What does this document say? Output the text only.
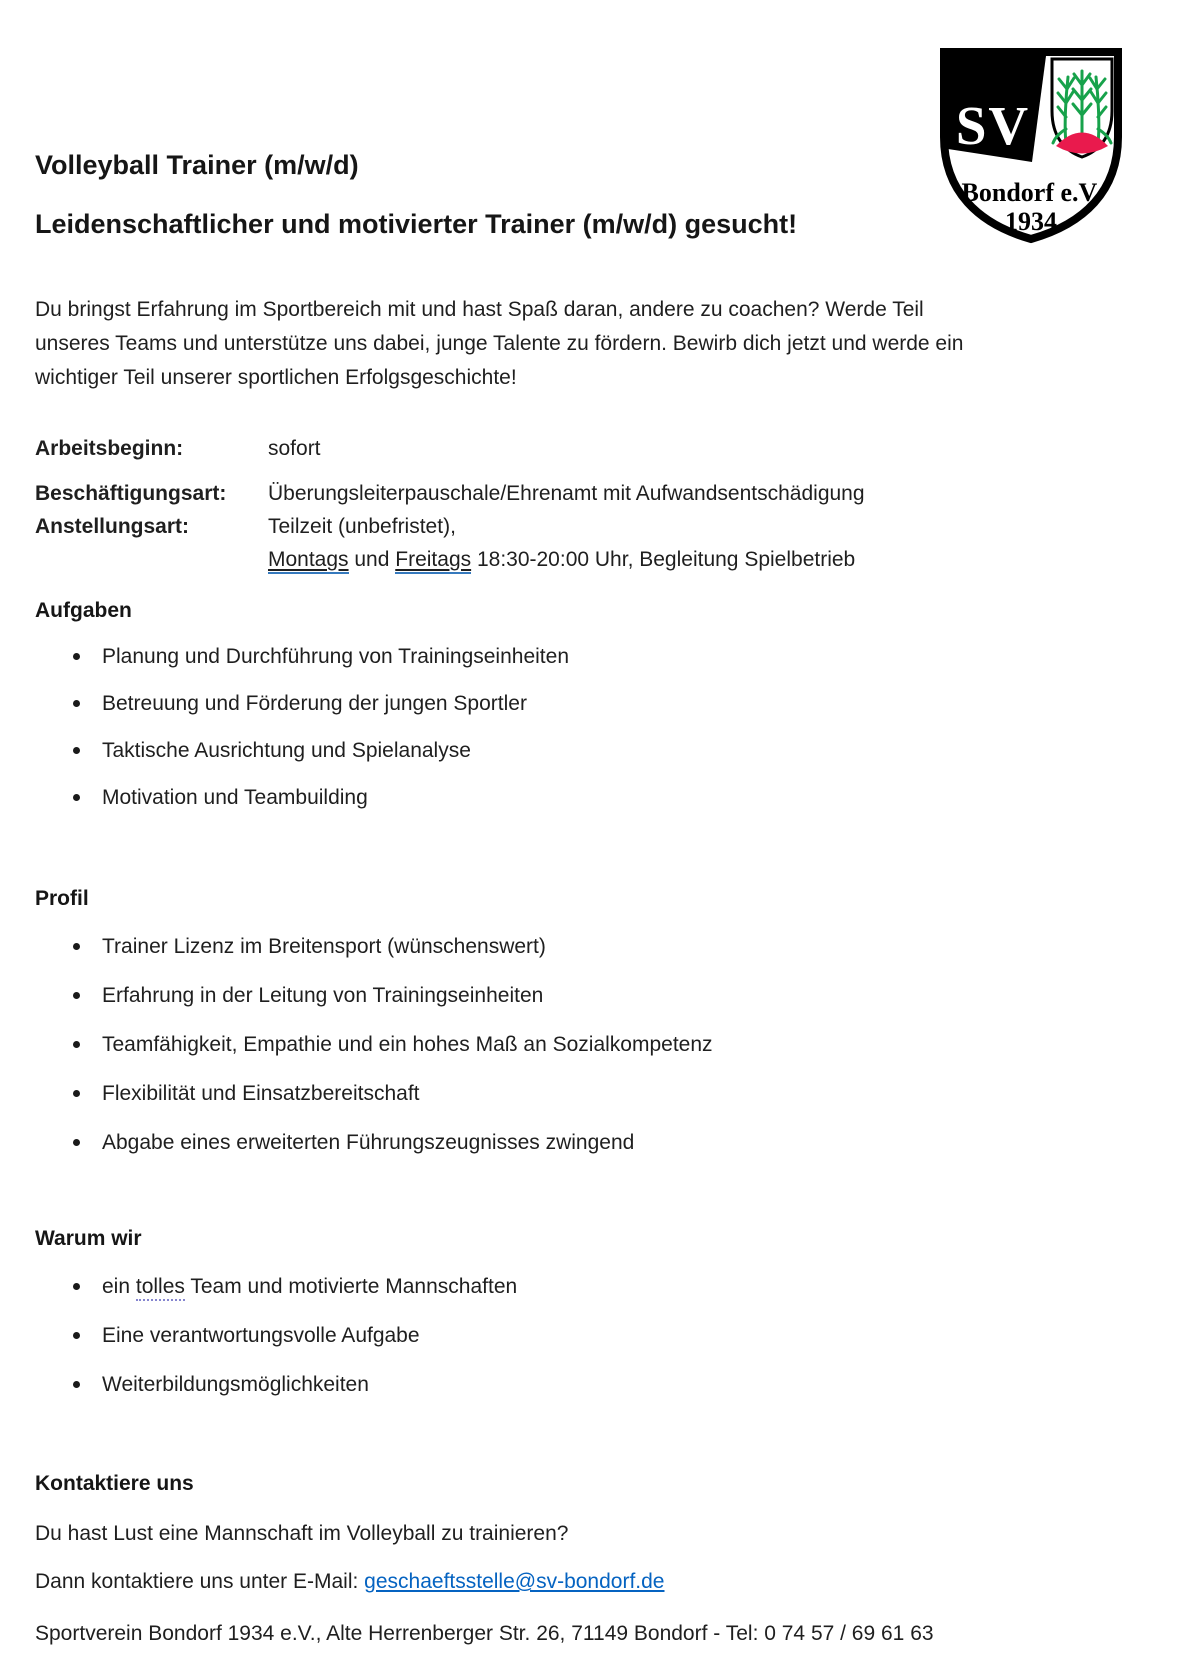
SV
Bondorf e.V.
1934
Volleyball Trainer (m/w/d)
Leidenschaftlicher und motivierter Trainer (m/w/d) gesucht!
Du bringst Erfahrung im Sportbereich mit und hast Spaß daran, andere zu coachen? Werde Teil
unseres Teams und unterstütze uns dabei, junge Talente zu fördern. Bewirb dich jetzt und werde ein
wichtiger Teil unserer sportlichen Erfolgsgeschichte!
Arbeitsbeginn:	sofort
Beschäftigungsart:	Überungsleiterpauschale/Ehrenamt mit Aufwandsentschädigung
Anstellungsart:	Teilzeit (unbefristet),
Montags und Freitags 18:30-20:00 Uhr, Begleitung Spielbetrieb
Aufgaben
Planung und Durchführung von Trainingseinheiten
Betreuung und Förderung der jungen Sportler
Taktische Ausrichtung und Spielanalyse
Motivation und Teambuilding
Profil
Trainer Lizenz im Breitensport (wünschenswert)
Erfahrung in der Leitung von Trainingseinheiten
Teamfähigkeit, Empathie und ein hohes Maß an Sozialkompetenz
Flexibilität und Einsatzbereitschaft
Abgabe eines erweiterten Führungszeugnisses zwingend
Warum wir
ein tolles Team und motivierte Mannschaften
Eine verantwortungsvolle Aufgabe
Weiterbildungsmöglichkeiten
Kontaktiere uns

Du hast Lust eine Mannschaft im Volleyball zu trainieren?

Dann kontaktiere uns unter E-Mail: geschaeftsstelle@sv-bondorf.de

Sportverein Bondorf 1934 e.V., Alte Herrenberger Str. 26, 71149 Bondorf - Tel: 0 74 57 / 69 61 63
